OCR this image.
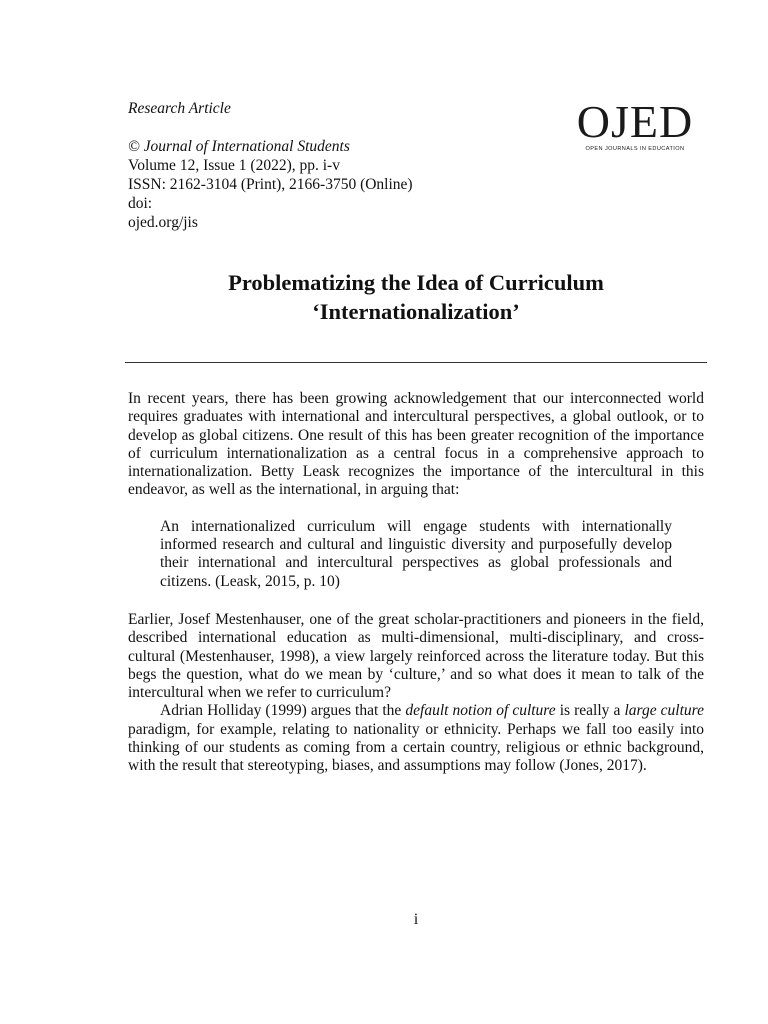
Research Article
© Journal of International Students
Volume 12, Issue 1 (2022), pp. i-v
ISSN: 2162-3104 (Print), 2166-3750 (Online)
doi:
ojed.org/jis
OJED
OPEN JOURNALS IN EDUCATION
Problematizing the Idea of Curriculum
‘Internationalization’

In recent years, there has been growing acknowledgement that our interconnected world requires graduates with international and intercultural perspectives, a global outlook, or to develop as global citizens. One result of this has been greater recognition of the importance of curriculum internationalization as a central focus in a comprehensive approach to internationalization. Betty Leask recognizes the importance of the intercultural in this endeavor, as well as the international, in arguing that:

An internationalized curriculum will engage students with internationally informed research and cultural and linguistic diversity and purposefully develop their international and intercultural perspectives as global professionals and citizens. (Leask, 2015, p. 10)

Earlier, Josef Mestenhauser, one of the great scholar-practitioners and pioneers in the field, described international education as multi-dimensional, multi-disciplinary, and cross-cultural (Mestenhauser, 1998), a view largely reinforced across the literature today. But this begs the question, what do we mean by ‘culture,’ and so what does it mean to talk of the intercultural when we refer to curriculum?

Adrian Holliday (1999) argues that the default notion of culture is really a large culture paradigm, for example, relating to nationality or ethnicity. Perhaps we fall too easily into thinking of our students as coming from a certain country, religious or ethnic background, with the result that stereotyping, biases, and assumptions may follow (Jones, 2017).

i
